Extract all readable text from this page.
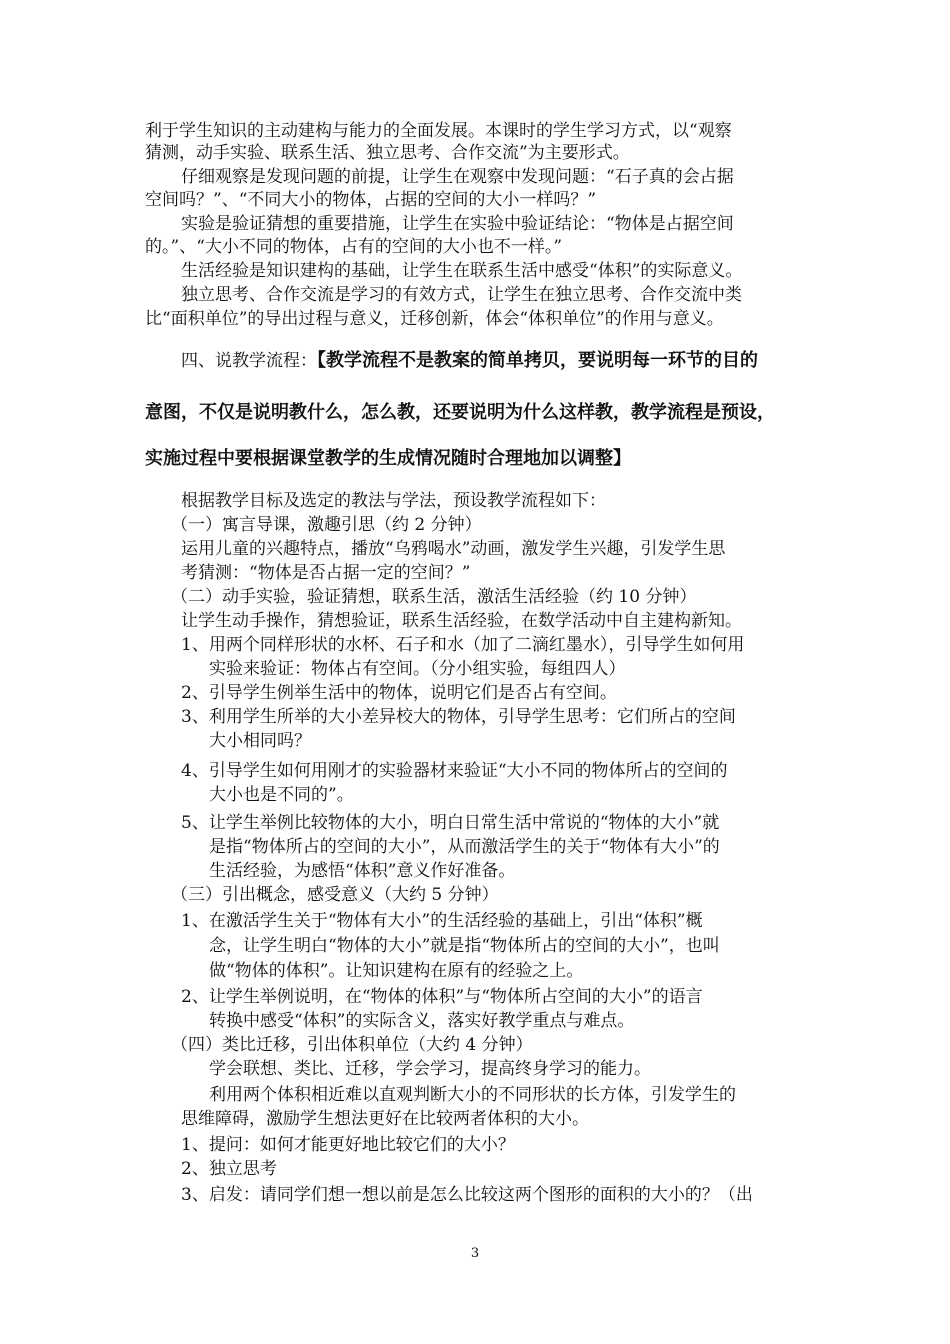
利于学生知识的主动建构与能力的全面发展。本课时的学生学习方式，以“观察
猜测，动手实验、联系生活、独立思考、合作交流”为主要形式。
仔细观察是发现问题的前提，让学生在观察中发现问题：“石子真的会占据
空间吗？”、“不同大小的物体，占据的空间的大小一样吗？”
实验是验证猜想的重要措施，让学生在实验中验证结论：“物体是占据空间
的。”、“大小不同的物体，占有的空间的大小也不一样。”
生活经验是知识建构的基础，让学生在联系生活中感受“体积”的实际意义。
独立思考、合作交流是学习的有效方式，让学生在独立思考、合作交流中类
比“面积单位”的导出过程与意义，迁移创新，体会“体积单位”的作用与意义。
四、说教学流程：【教学流程不是教案的简单拷贝，要说明每一环节的目的
意图，不仅是说明教什么，怎么教，还要说明为什么这样教，教学流程是预设，
实施过程中要根据课堂教学的生成情况随时合理地加以调整】
根据教学目标及选定的教法与学法，预设教学流程如下：
（一）寓言导课，激趣引思（约 2 分钟）
运用儿童的兴趣特点，播放“乌鸦喝水”动画，激发学生兴趣，引发学生思
考猜测：“物体是否占据一定的空间？”
（二）动手实验，验证猜想，联系生活，激活生活经验（约 10 分钟）
让学生动手操作，猜想验证，联系生活经验，在数学活动中自主建构新知。
1、用两个同样形状的水杯、石子和水（加了二滴红墨水），引导学生如何用
实验来验证：物体占有空间。（分小组实验，每组四人）
2、引导学生例举生活中的物体，说明它们是否占有空间。
3、利用学生所举的大小差异校大的物体，引导学生思考：它们所占的空间
大小相同吗？
4、引导学生如何用刚才的实验器材来验证“大小不同的物体所占的空间的
大小也是不同的”。
5、让学生举例比较物体的大小，明白日常生活中常说的“物体的大小”就
是指“物体所占的空间的大小”，从而激活学生的关于“物体有大小”的
生活经验，为感悟“体积”意义作好准备。
（三）引出概念，感受意义（大约 5 分钟）
1、在激活学生关于“物体有大小”的生活经验的基础上，引出“体积”概
念，让学生明白“物体的大小”就是指“物体所占的空间的大小”，也叫
做“物体的体积”。让知识建构在原有的经验之上。
2、让学生举例说明，在“物体的体积”与“物体所占空间的大小”的语言
转换中感受“体积”的实际含义，落实好教学重点与难点。
（四）类比迁移，引出体积单位（大约 4 分钟）
学会联想、类比、迁移，学会学习，提高终身学习的能力。
利用两个体积相近难以直观判断大小的不同形状的长方体，引发学生的
思维障碍，激励学生想法更好在比较两者体积的大小。
1、提问：如何才能更好地比较它们的大小？
2、独立思考
3、启发：请同学们想一想以前是怎么比较这两个图形的面积的大小的？（出
3
